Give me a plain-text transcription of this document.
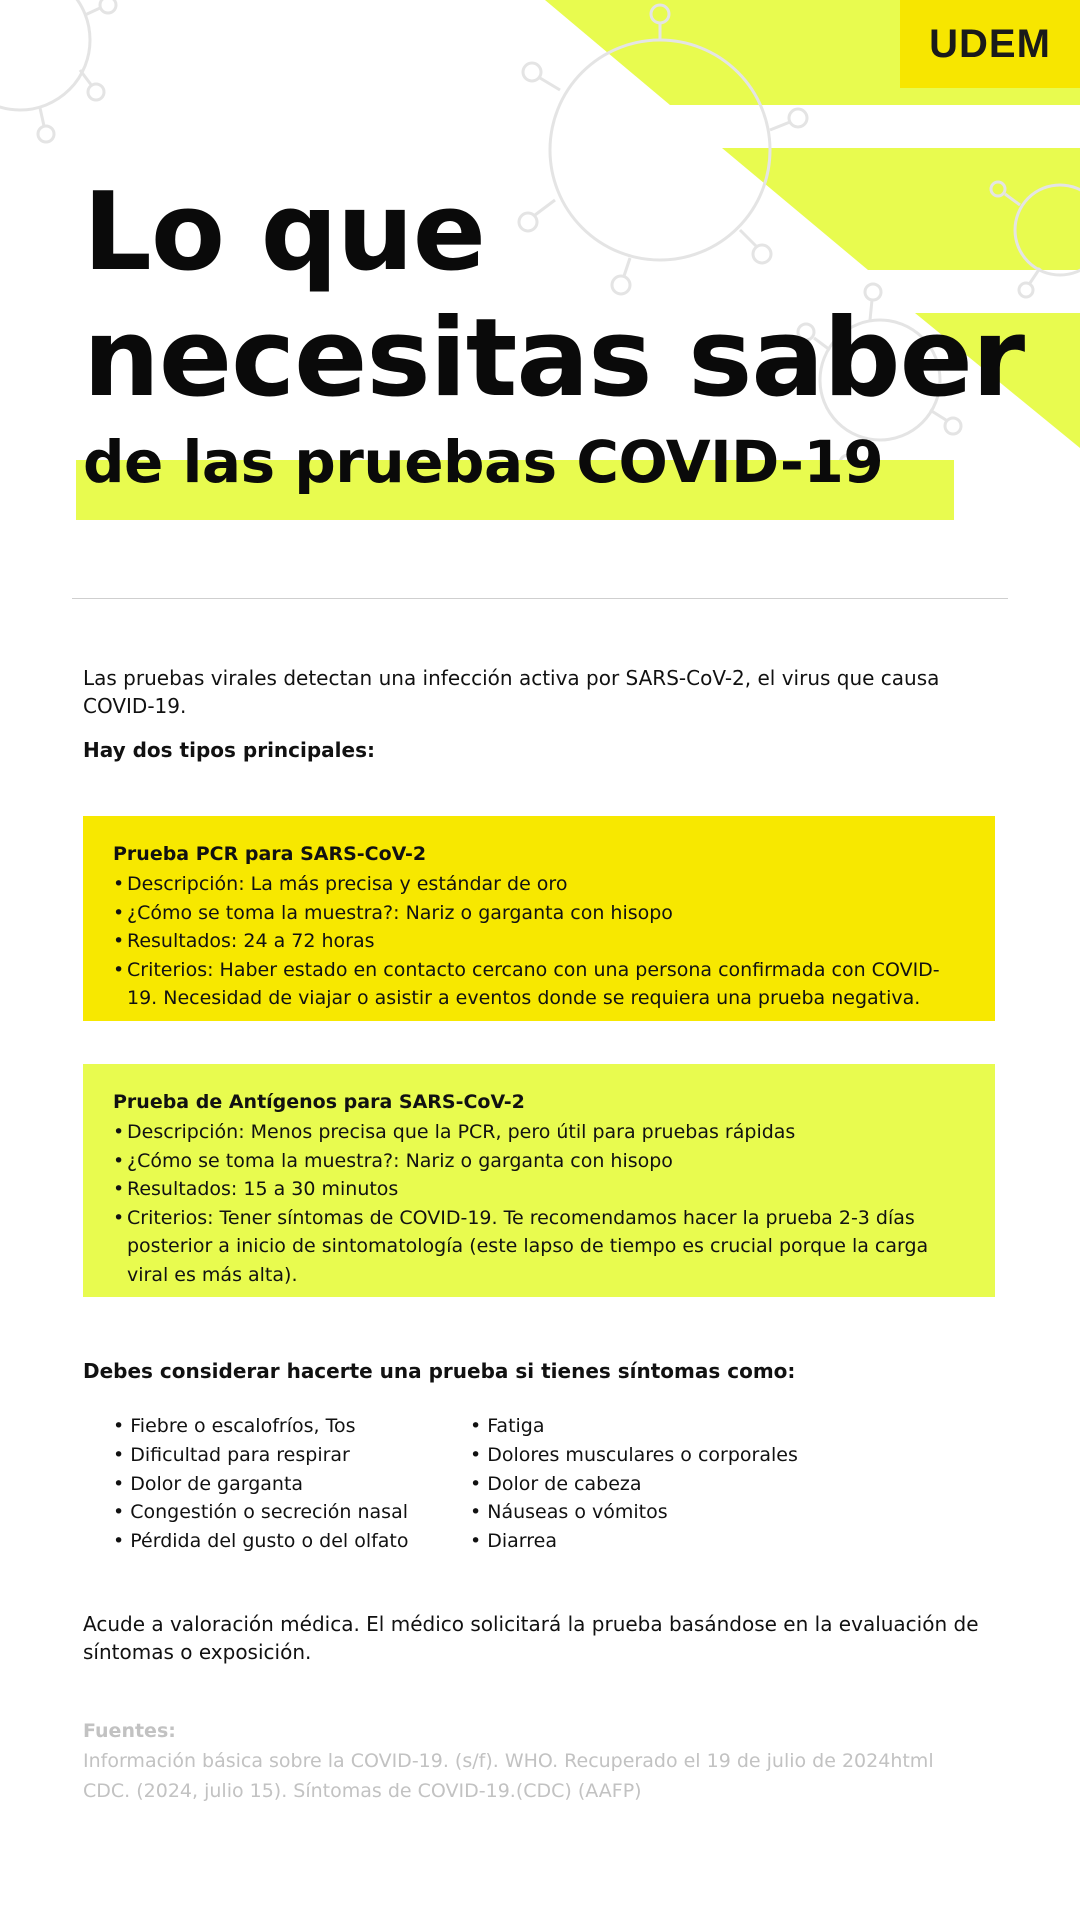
UDEM
Lo que
necesitas saber
de las pruebas COVID-19

Las pruebas virales detectan una infección activa por SARS-CoV-2, el virus que causa COVID-19.

Hay dos tipos principales:

Prueba PCR para SARS-CoV-2

• Descripción: La más precisa y estándar de oro
• ¿Cómo se toma la muestra?: Nariz o garganta con hisopo
• Resultados: 24 a 72 horas
• Criterios: Haber estado en contacto cercano con una persona confirmada con COVID-19. Necesidad de viajar o asistir a eventos donde se requiera una prueba negativa.

Prueba de Antígenos para SARS-CoV-2

• Descripción: Menos precisa que la PCR, pero útil para pruebas rápidas
• ¿Cómo se toma la muestra?: Nariz o garganta con hisopo
• Resultados: 15 a 30 minutos
• Criterios: Tener síntomas de COVID-19. Te recomendamos hacer la prueba 2-3 días posterior a inicio de sintomatología (este lapso de tiempo es crucial porque la carga viral es más alta).

Debes considerar hacerte una prueba si tienes síntomas como:

• Fiebre o escalofríos, Tos
• Dificultad para respirar
• Dolor de garganta
• Congestión o secreción nasal
• Pérdida del gusto o del olfato
• Fatiga
• Dolores musculares o corporales
• Dolor de cabeza
• Náuseas o vómitos
• Diarrea

Acude a valoración médica. El médico solicitará la prueba basándose en la evaluación de síntomas o exposición.

Fuentes:

Información básica sobre la COVID-19. (s/f). WHO. Recuperado el 19 de julio de 2024html

CDC. (2024, julio 15). Síntomas de COVID-19.(CDC) (AAFP)
